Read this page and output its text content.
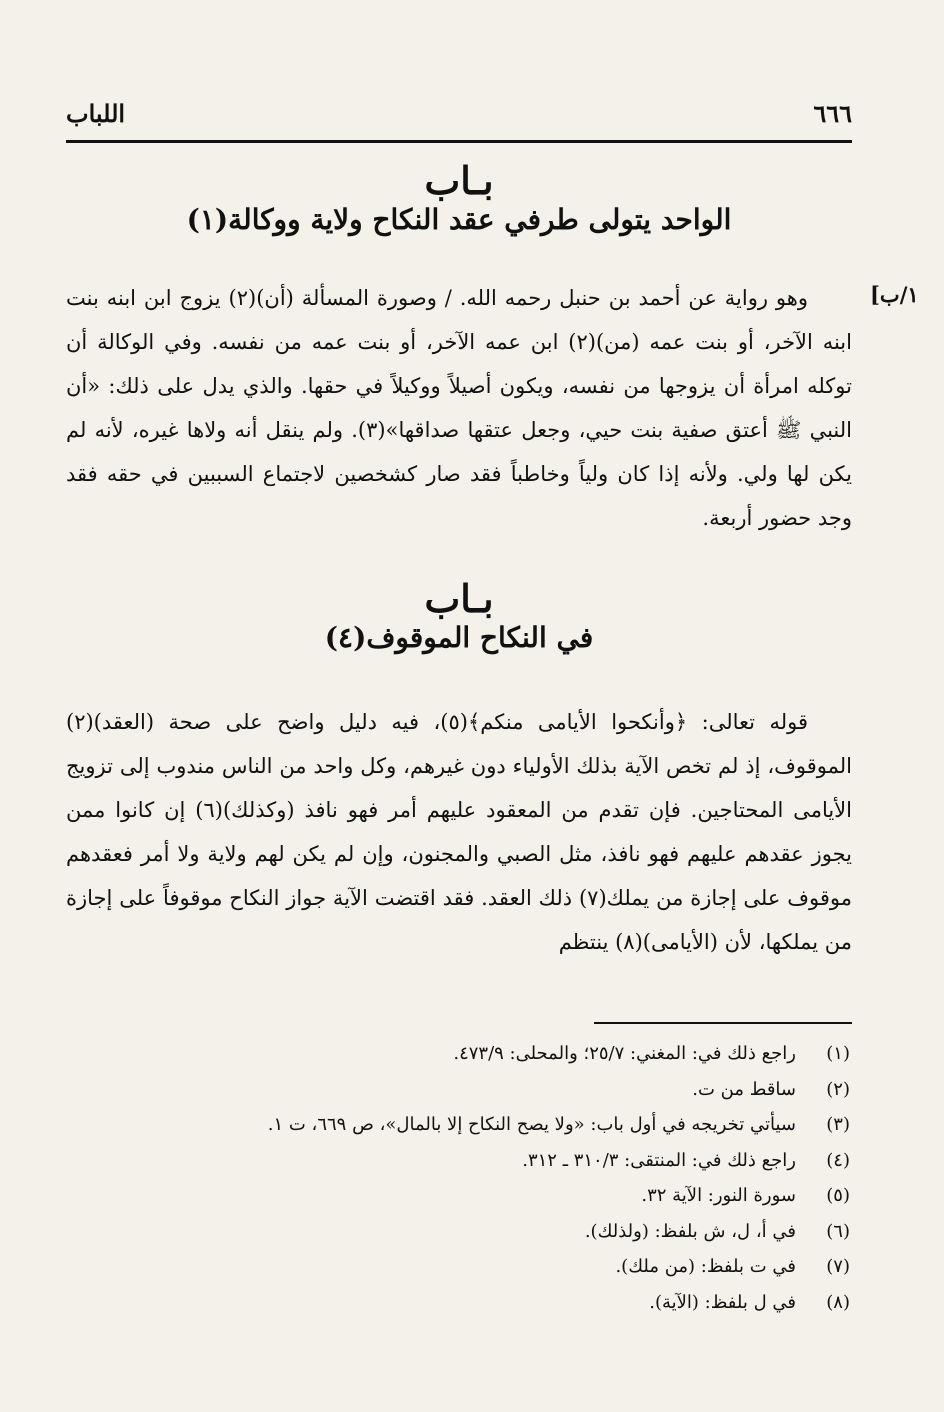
٦٦٦
اللباب
١/ب]
بـاب
الواحد يتولى طرفي عقد النكاح ولاية ووكالة(١)

وهو رواية عن أحمد بن حنبل رحمه الله. / وصورة المسألة (أن)(٢) يزوج ابن ابنه بنت ابنه الآخر، أو بنت عمه (من)(٢) ابن عمه الآخر، أو بنت عمه من نفسه. وفي الوكالة أن توكله امرأة أن يزوجها من نفسه، ويكون أصيلاً ووكيلاً في حقها. والذي يدل على ذلك: «أن النبي ﷺ أعتق صفية بنت حيي، وجعل عتقها صداقها»(٣). ولم ينقل أنه ولاها غيره، لأنه لم يكن لها ولي. ولأنه إذا كان ولياً وخاطباً فقد صار كشخصين لاجتماع السببين في حقه فقد وجد حضور أربعة.

بـاب
في النكاح الموقوف(٤)

قوله تعالى: ﴿وأنكحوا الأيامى منكم﴾(٥)، فيه دليل واضح على صحة (العقد)(٢) الموقوف، إذ لم تخص الآية بذلك الأولياء دون غيرهم، وكل واحد من الناس مندوب إلى تزويج الأيامى المحتاجين. فإن تقدم من المعقود عليهم أمر فهو نافذ (وكذلك)(٦) إن كانوا ممن يجوز عقدهم عليهم فهو نافذ، مثل الصبي والمجنون، وإن لم يكن لهم ولاية ولا أمر فعقدهم موقوف على إجازة من يملك(٧) ذلك العقد. فقد اقتضت الآية جواز النكاح موقوفاً على إجازة من يملكها، لأن (الأيامى)(٨) ينتظم

(١)
راجع ذلك في: المغني: ٢٥/٧؛ والمحلى: ٤٧٣/٩.
(٢)
ساقط من ت.
(٣)
سيأتي تخريجه في أول باب: «ولا يصح النكاح إلا بالمال»، ص ٦٦٩، ت ١.
(٤)
راجع ذلك في: المنتقى: ٣١٠/٣ ـ ٣١٢.
(٥)
سورة النور: الآية ٣٢.
(٦)
في أ، ل، ش بلفظ: (ولذلك).
(٧)
في ت بلفظ: (من ملك).
(٨)
في ل بلفظ: (الآية).
